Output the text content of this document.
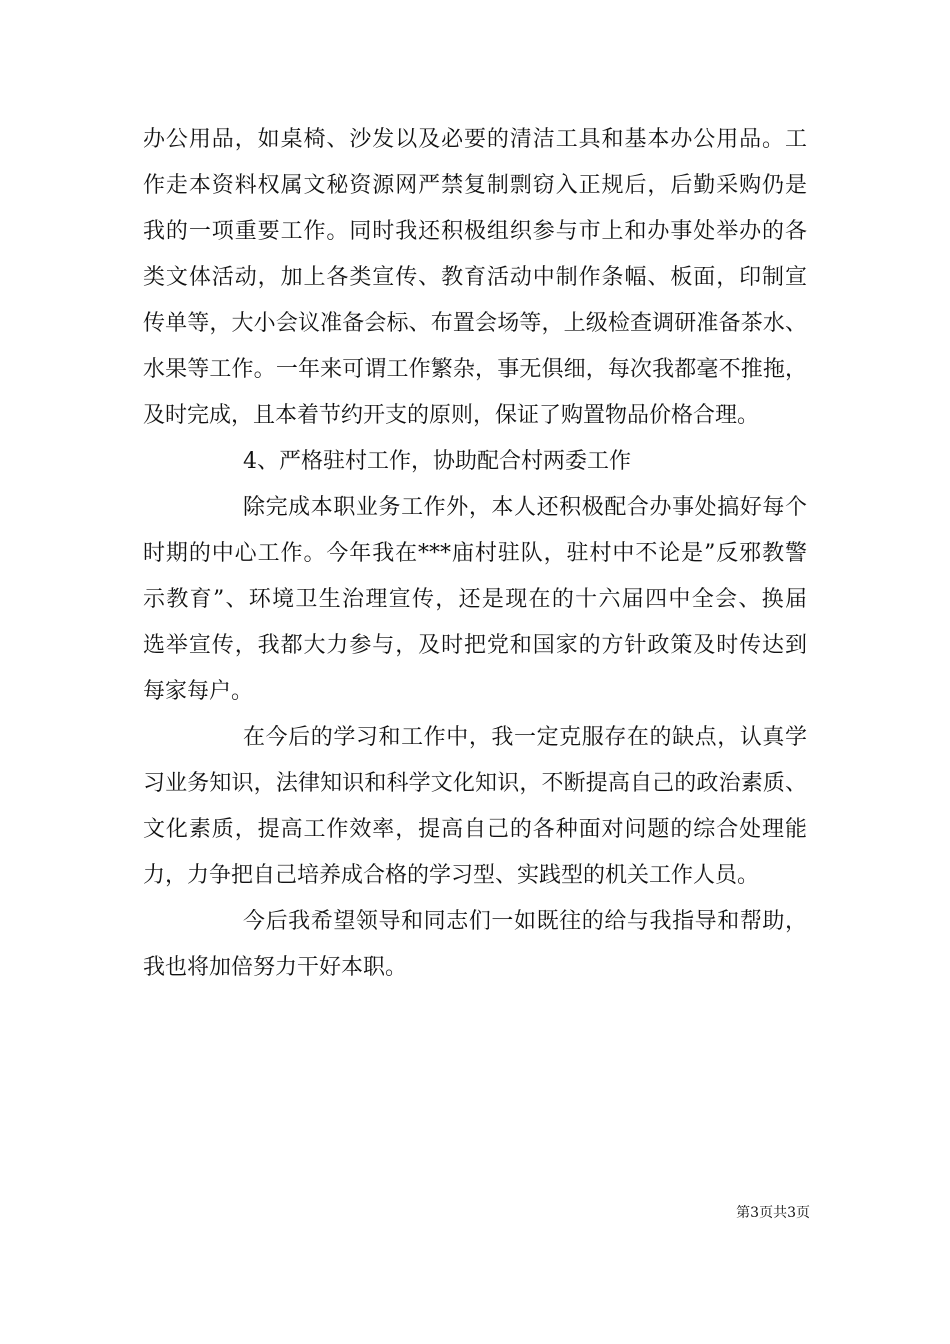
办公用品，如桌椅、沙发以及必要的清洁工具和基本办公用品。工
作走本资料权属文秘资源网严禁复制剽窃入正规后，后勤采购仍是
我的一项重要工作。同时我还积极组织参与市上和办事处举办的各
类文体活动，加上各类宣传、教育活动中制作条幅、板面，印制宣
传单等，大小会议准备会标、布置会场等，上级检查调研准备茶水、
水果等工作。一年来可谓工作繁杂，事无俱细，每次我都毫不推拖，
及时完成，且本着节约开支的原则，保证了购置物品价格合理。
4、严格驻村工作，协助配合村两委工作
除完成本职业务工作外，本人还积极配合办事处搞好每个
时期的中心工作。今年我在***庙村驻队，驻村中不论是”反邪教警
示教育”、环境卫生治理宣传，还是现在的十六届四中全会、换届
选举宣传，我都大力参与，及时把党和国家的方针政策及时传达到
每家每户。
在今后的学习和工作中，我一定克服存在的缺点，认真学
习业务知识，法律知识和科学文化知识，不断提高自己的政治素质、
文化素质，提高工作效率，提高自己的各种面对问题的综合处理能
力，力争把自己培养成合格的学习型、实践型的机关工作人员。
今后我希望领导和同志们一如既往的给与我指导和帮助，
我也将加倍努力干好本职。
第3页共3页
